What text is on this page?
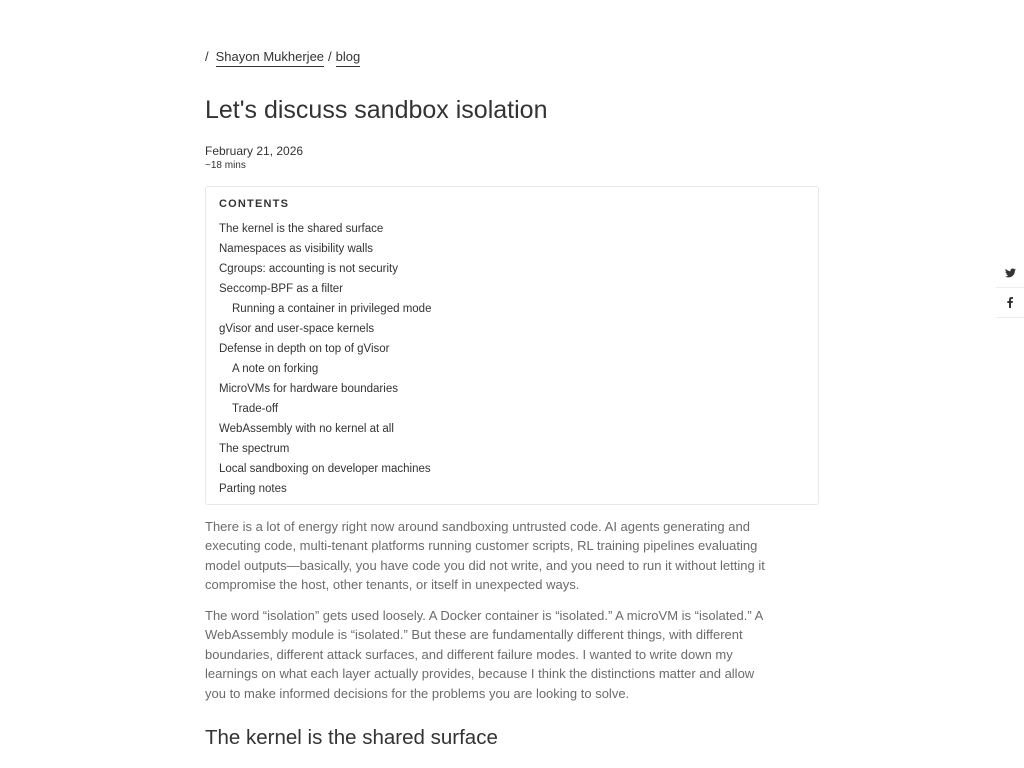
/ Shayon Mukherjee / blog
Let's discuss sandbox isolation
February 21, 2026
~18 mins
CONTENTS
The kernel is the shared surface
Namespaces as visibility walls
Cgroups: accounting is not security
Seccomp-BPF as a filter
Running a container in privileged mode
gVisor and user-space kernels
Defense in depth on top of gVisor
A note on forking
MicroVMs for hardware boundaries
Trade-off
WebAssembly with no kernel at all
The spectrum
Local sandboxing on developer machines
Parting notes

There is a lot of energy right now around sandboxing untrusted code. AI agents generating and executing code, multi-tenant platforms running customer scripts, RL training pipelines evaluating model outputs—basically, you have code you did not write, and you need to run it without letting it compromise the host, other tenants, or itself in unexpected ways.

The word “isolation” gets used loosely. A Docker container is “isolated.” A microVM is “isolated.” A WebAssembly module is “isolated.” But these are fundamentally different things, with different boundaries, different attack surfaces, and different failure modes. I wanted to write down my learnings on what each layer actually provides, because I think the distinctions matter and allow you to make informed decisions for the problems you are looking to solve.

The kernel is the shared surface
